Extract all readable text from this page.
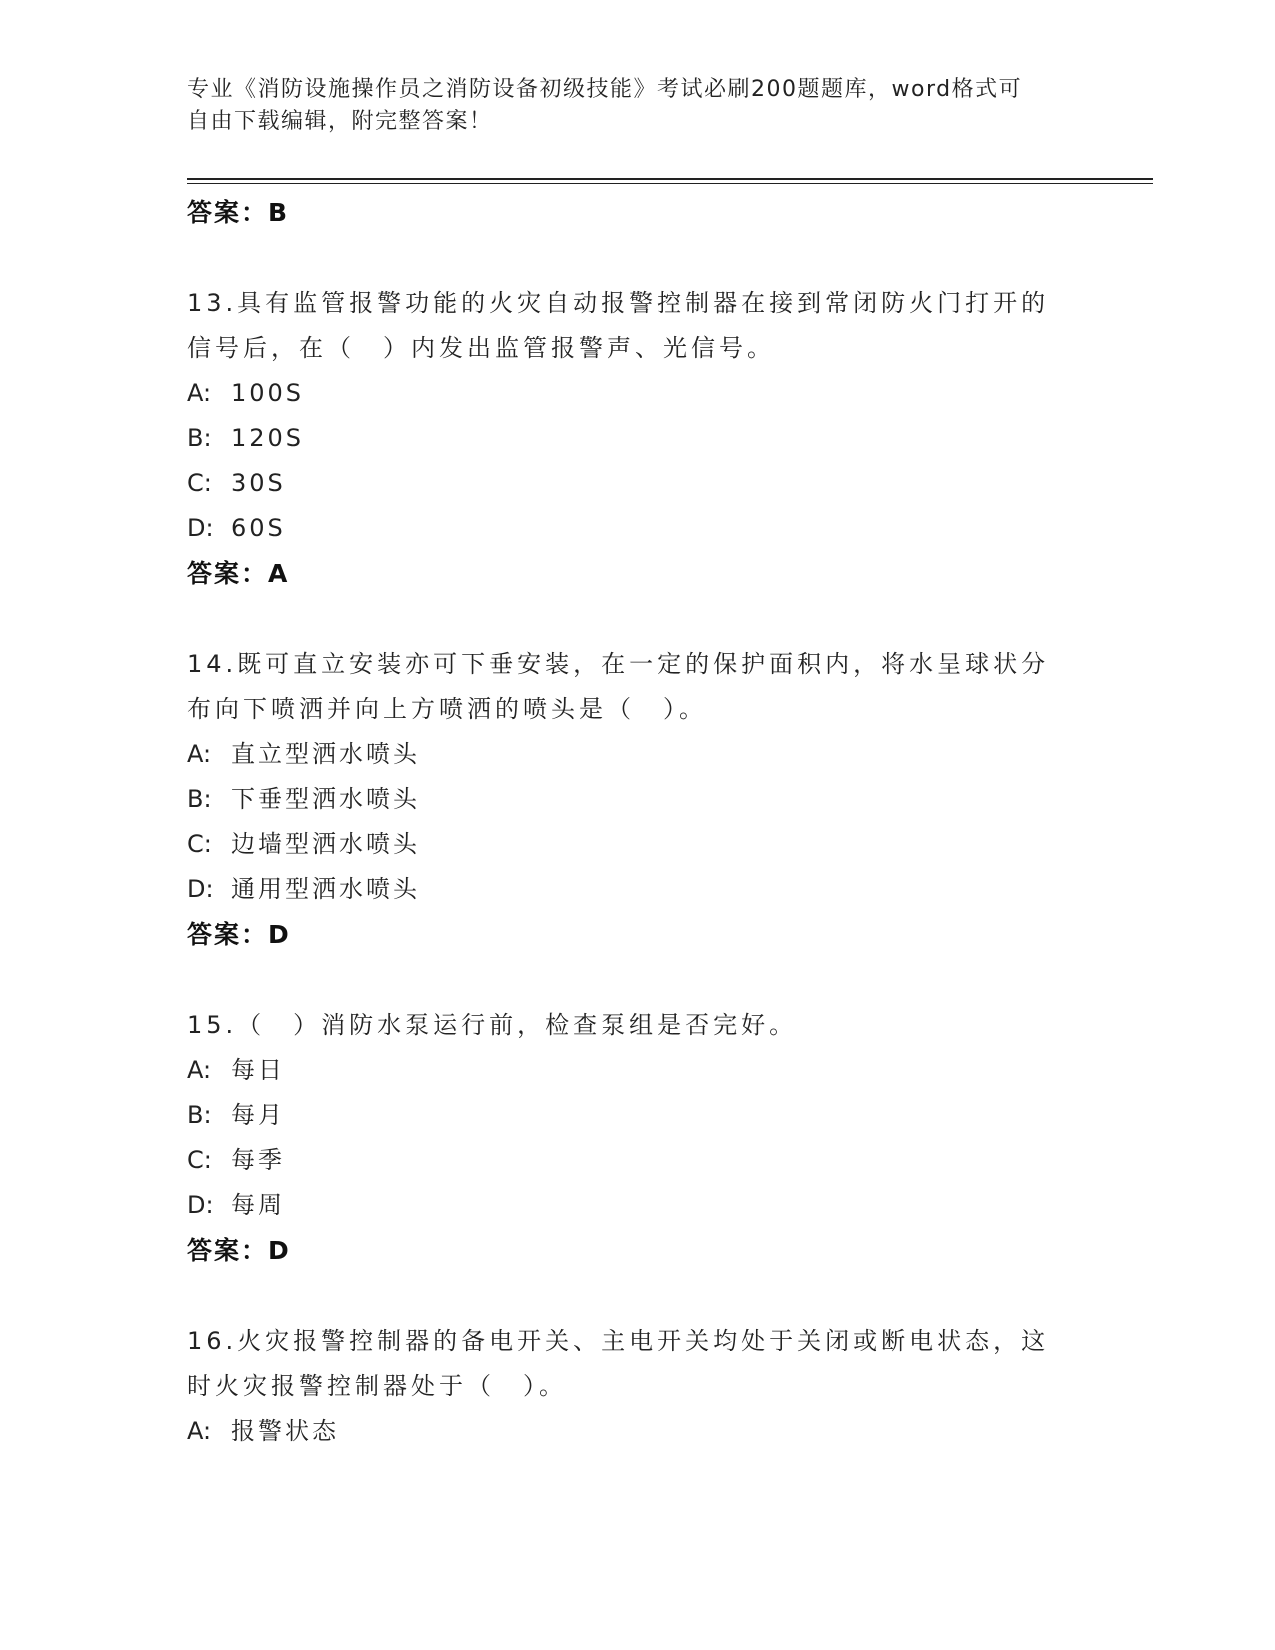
专业《消防设施操作员之消防设备初级技能》考试必刷200题题库，word格式可
自由下载编辑，附完整答案！
答案：B
13.具有监管报警功能的火灾自动报警控制器在接到常闭防火门打开的
信号后，在（　）内发出监管报警声、光信号。
A: 100S
B: 120S
C: 30S
D: 60S
答案：A
14.既可直立安装亦可下垂安装，在一定的保护面积内，将水呈球状分
布向下喷洒并向上方喷洒的喷头是（　）。
A: 直立型洒水喷头
B: 下垂型洒水喷头
C: 边墙型洒水喷头
D: 通用型洒水喷头
答案：D
15.（　）消防水泵运行前，检查泵组是否完好。
A: 每日
B: 每月
C: 每季
D: 每周
答案：D
16.火灾报警控制器的备电开关、主电开关均处于关闭或断电状态，这
时火灾报警控制器处于（　）。
A: 报警状态
